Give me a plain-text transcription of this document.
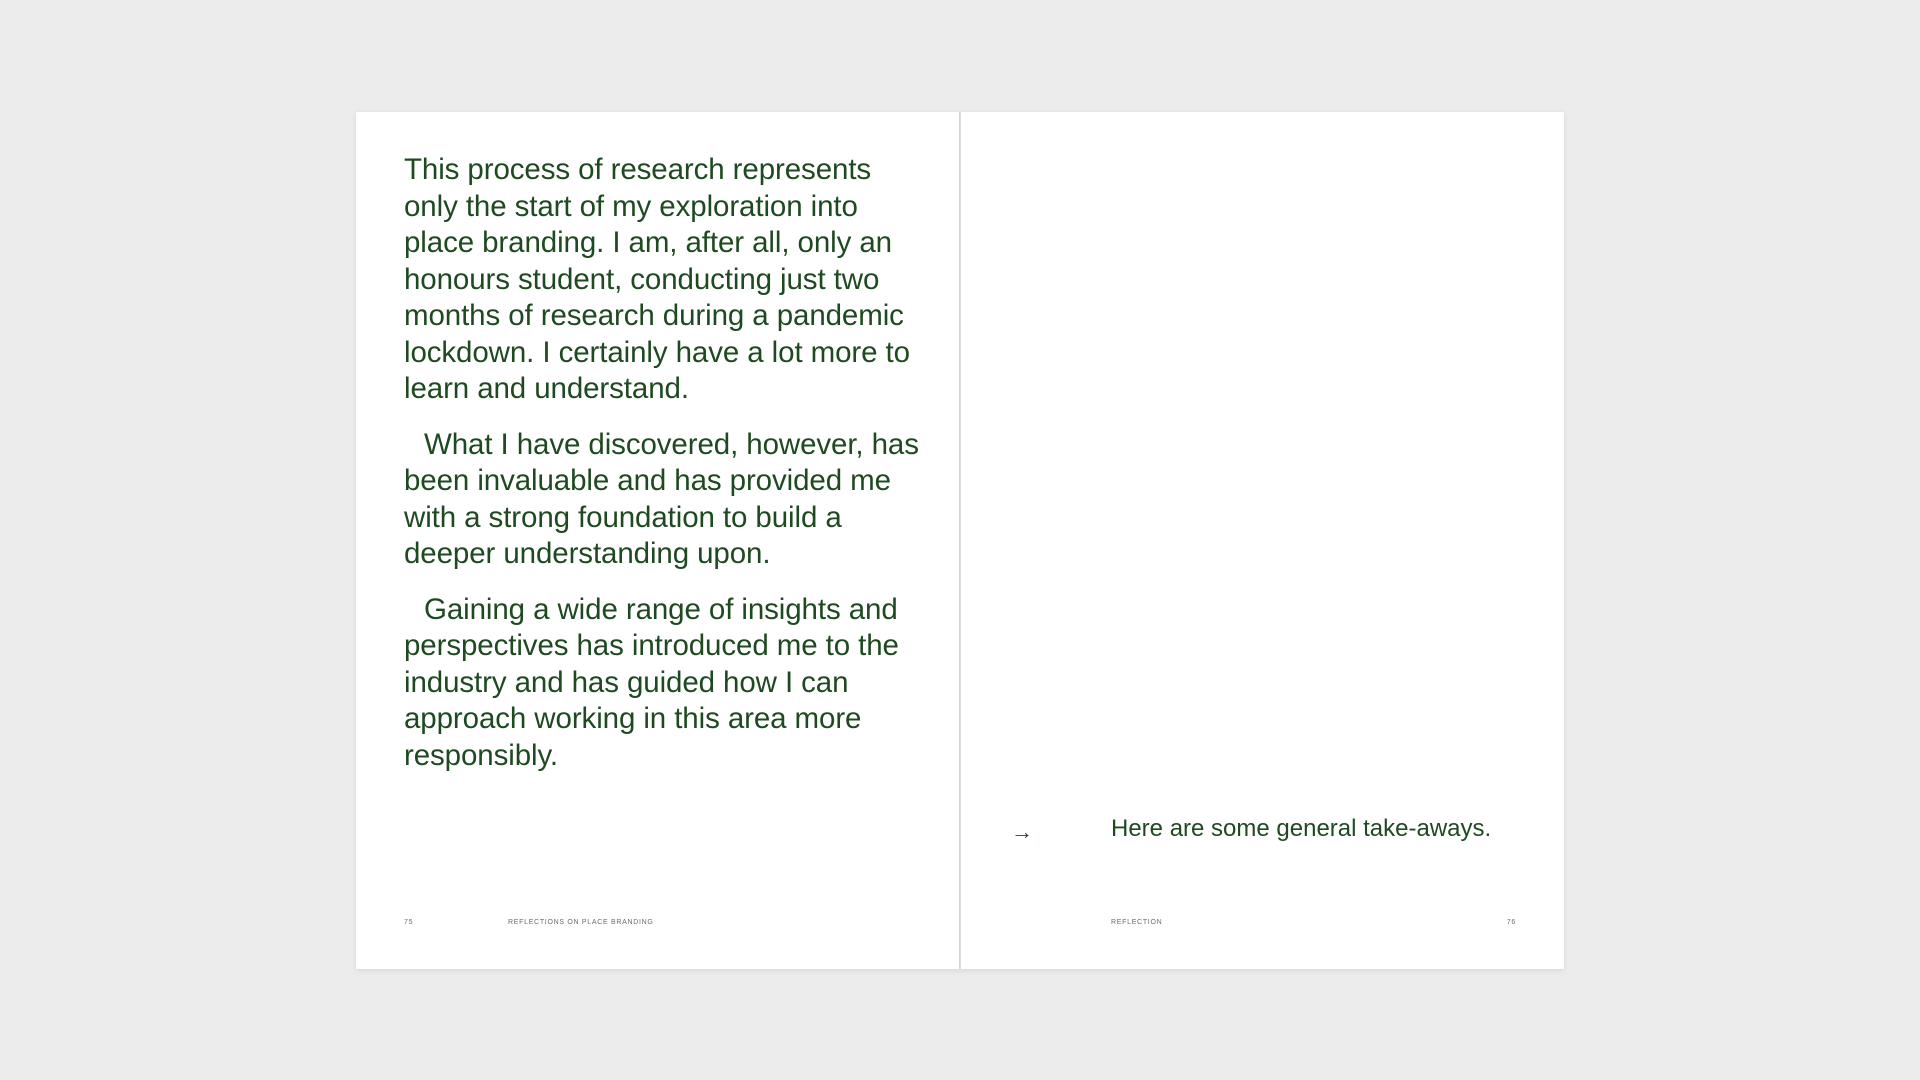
This process of research represents only the start of my exploration into place branding. I am, after all, only an honours student, conducting just two months of research during a pandemic lockdown. I certainly have a lot more to learn and understand.

What I have discovered, however, has been invaluable and has provided me with a strong foundation to build a deeper understanding upon.

Gaining a wide range of insights and perspectives has introduced me to the industry and has guided how I can approach working in this area more responsibly.

75	REFLECTIONS ON PLACE BRANDING
→	Here are some general take-aways.
REFLECTION	76
